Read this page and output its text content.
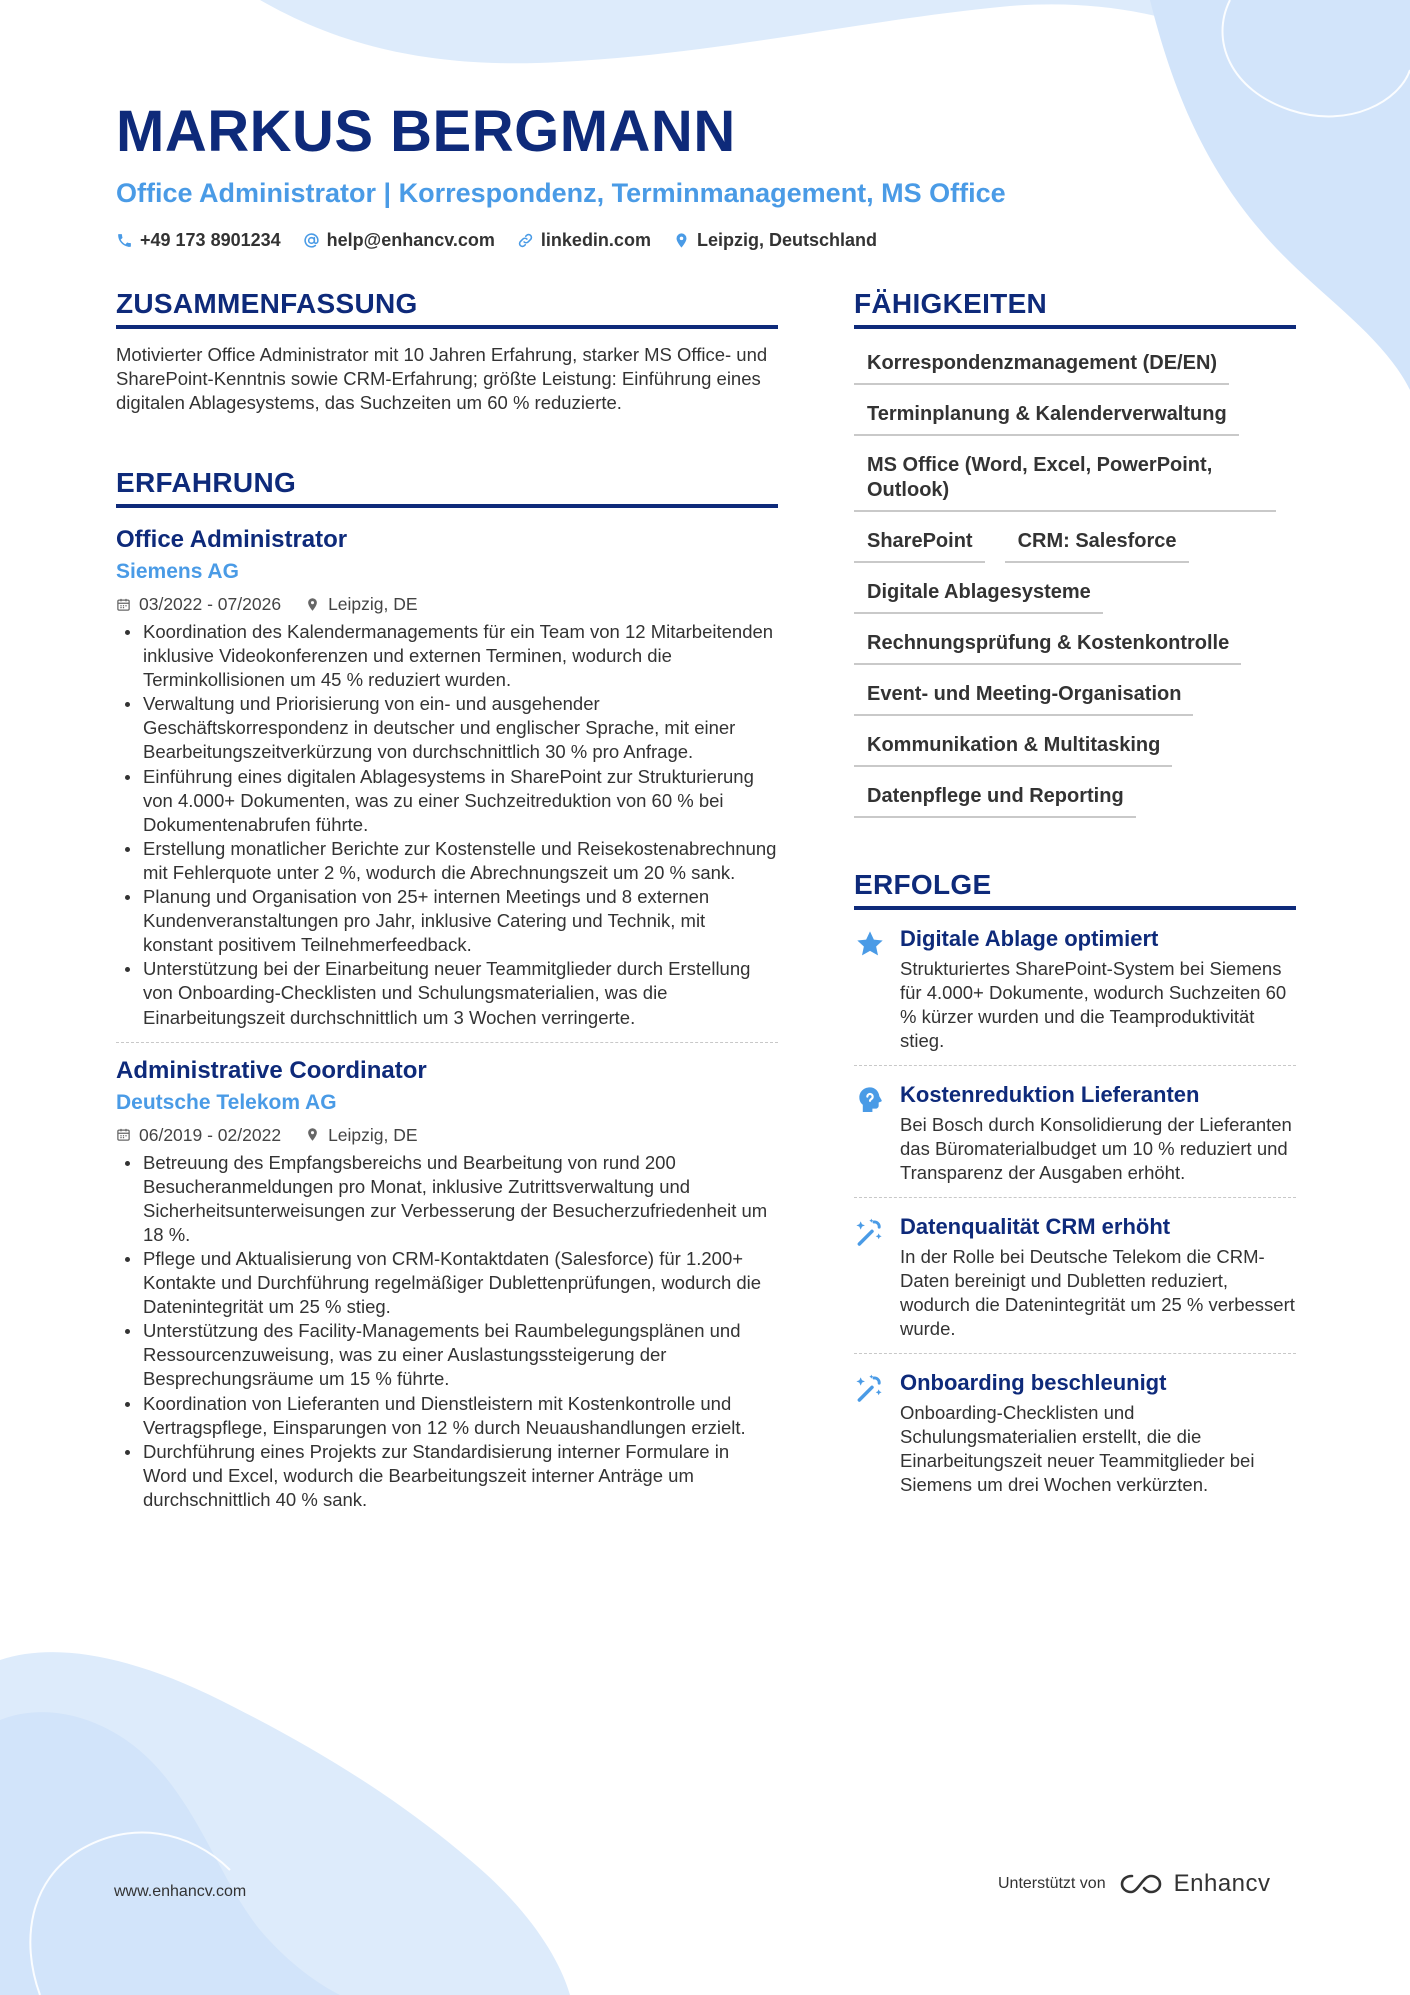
MARKUS BERGMANN
Office Administrator | Korrespondenz, Terminmanagement, MS Office
+49 173 8901234	help@enhancv.com	linkedin.com	Leipzig, Deutschland
ZUSAMMENFASSUNG
Motivierter Office Administrator mit 10 Jahren Erfahrung, starker MS Office- und SharePoint-Kenntnis sowie CRM-Erfahrung; größte Leistung: Einführung eines digitalen Ablagesystems, das Suchzeiten um 60 % reduzierte.
ERFAHRUNG
Office Administrator
Siemens AG
03/2022 - 07/2026	Leipzig, DE
Koordination des Kalendermanagements für ein Team von 12 Mitarbeitenden inklusive Videokonferenzen und externen Terminen, wodurch die Terminkollisionen um 45 % reduziert wurden.
Verwaltung und Priorisierung von ein- und ausgehender Geschäftskorrespondenz in deutscher und englischer Sprache, mit einer Bearbeitungszeitverkürzung von durchschnittlich 30 % pro Anfrage.
Einführung eines digitalen Ablagesystems in SharePoint zur Strukturierung von 4.000+ Dokumenten, was zu einer Suchzeitreduktion von 60 % bei Dokumentenabrufen führte.
Erstellung monatlicher Berichte zur Kostenstelle und Reisekostenabrechnung mit Fehlerquote unter 2 %, wodurch die Abrechnungszeit um 20 % sank.
Planung und Organisation von 25+ internen Meetings und 8 externen Kundenveranstaltungen pro Jahr, inklusive Catering und Technik, mit konstant positivem Teilnehmerfeedback.
Unterstützung bei der Einarbeitung neuer Teammitglieder durch Erstellung von Onboarding-Checklisten und Schulungsmaterialien, was die Einarbeitungszeit durchschnittlich um 3 Wochen verringerte.
Administrative Coordinator
Deutsche Telekom AG
06/2019 - 02/2022	Leipzig, DE
Betreuung des Empfangsbereichs und Bearbeitung von rund 200 Besucheranmeldungen pro Monat, inklusive Zutrittsverwaltung und Sicherheitsunterweisungen zur Verbesserung der Besucherzufriedenheit um 18 %.
Pflege und Aktualisierung von CRM-Kontaktdaten (Salesforce) für 1.200+ Kontakte und Durchführung regelmäßiger Dublettenprüfungen, wodurch die Datenintegrität um 25 % stieg.
Unterstützung des Facility-Managements bei Raumbelegungsplänen und Ressourcenzuweisung, was zu einer Auslastungssteigerung der Besprechungsräume um 15 % führte.
Koordination von Lieferanten und Dienstleistern mit Kostenkontrolle und Vertragspflege, Einsparungen von 12 % durch Neuaushandlungen erzielt.
Durchführung eines Projekts zur Standardisierung interner Formulare in Word und Excel, wodurch die Bearbeitungszeit interner Anträge um durchschnittlich 40 % sank.
FÄHIGKEITEN
Korrespondenzmanagement (DE/EN)
Terminplanung & Kalenderverwaltung
MS Office (Word, Excel, PowerPoint, Outlook)
SharePoint	CRM: Salesforce
Digitale Ablagesysteme
Rechnungsprüfung & Kostenkontrolle
Event- und Meeting-Organisation
Kommunikation & Multitasking
Datenpflege und Reporting
ERFOLGE
Digitale Ablage optimiert
Strukturiertes SharePoint-System bei Siemens für 4.000+ Dokumente, wodurch Suchzeiten 60 % kürzer wurden und die Teamproduktivität stieg.
Kostenreduktion Lieferanten
Bei Bosch durch Konsolidierung der Lieferanten das Büromaterialbudget um 10 % reduziert und Transparenz der Ausgaben erhöht.
Datenqualität CRM erhöht
In der Rolle bei Deutsche Telekom die CRM-Daten bereinigt und Dubletten reduziert, wodurch die Datenintegrität um 25 % verbessert wurde.
Onboarding beschleunigt
Onboarding-Checklisten und Schulungsmaterialien erstellt, die die Einarbeitungszeit neuer Teammitglieder bei Siemens um drei Wochen verkürzten.
www.enhancv.com	Unterstützt von	Enhancv
